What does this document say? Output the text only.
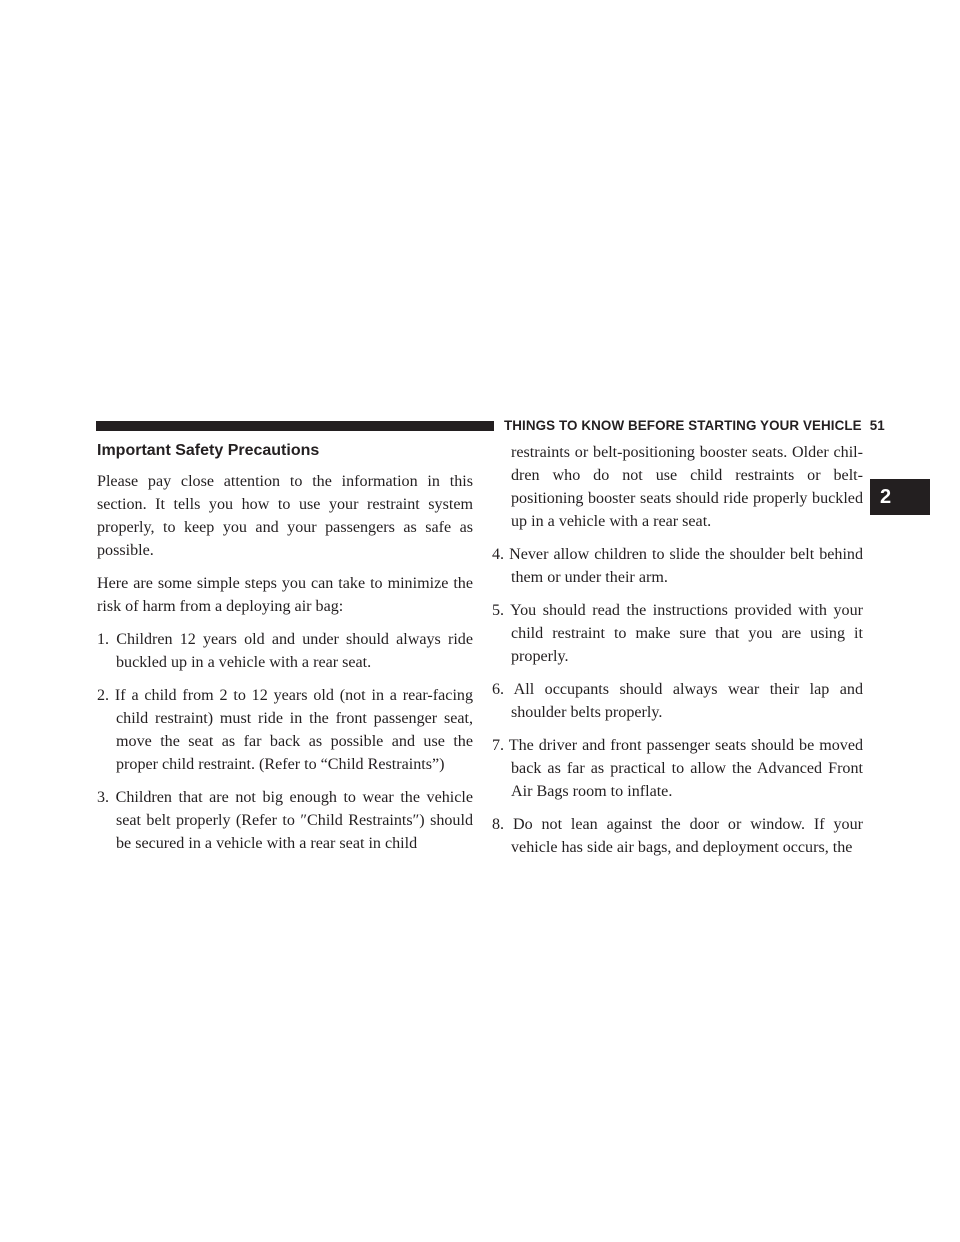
THINGS TO KNOW BEFORE STARTING YOUR VEHICLE 51
2
Important Safety Precautions

Please pay close attention to the information in this section. It tells you how to use your restraint system properly, to keep you and your passengers as safe as possible.

Here are some simple steps you can take to minimize the risk of harm from a deploying air bag:

1. Children 12 years old and under should always ride buckled up in a vehicle with a rear seat.
2. If a child from 2 to 12 years old (not in a rear-facing child restraint) must ride in the front passenger seat, move the seat as far back as possible and use the proper child restraint. (Refer to “Child Restraints”)
3. Children that are not big enough to wear the vehicle seat belt properly (Refer to ″Child Restraints″) should be secured in a vehicle with a rear seat in child
restraints or belt-positioning booster seats. Older chil-dren who do not use child restraints or belt-positioning booster seats should ride properly buckled up in a vehicle with a rear seat.
4. Never allow children to slide the shoulder belt behind them or under their arm.
5. You should read the instructions provided with your child restraint to make sure that you are using it properly.
6. All occupants should always wear their lap and shoulder belts properly.
7. The driver and front passenger seats should be moved back as far as practical to allow the Advanced Front Air Bags room to inflate.
8. Do not lean against the door or window. If your vehicle has side air bags, and deployment occurs, the
